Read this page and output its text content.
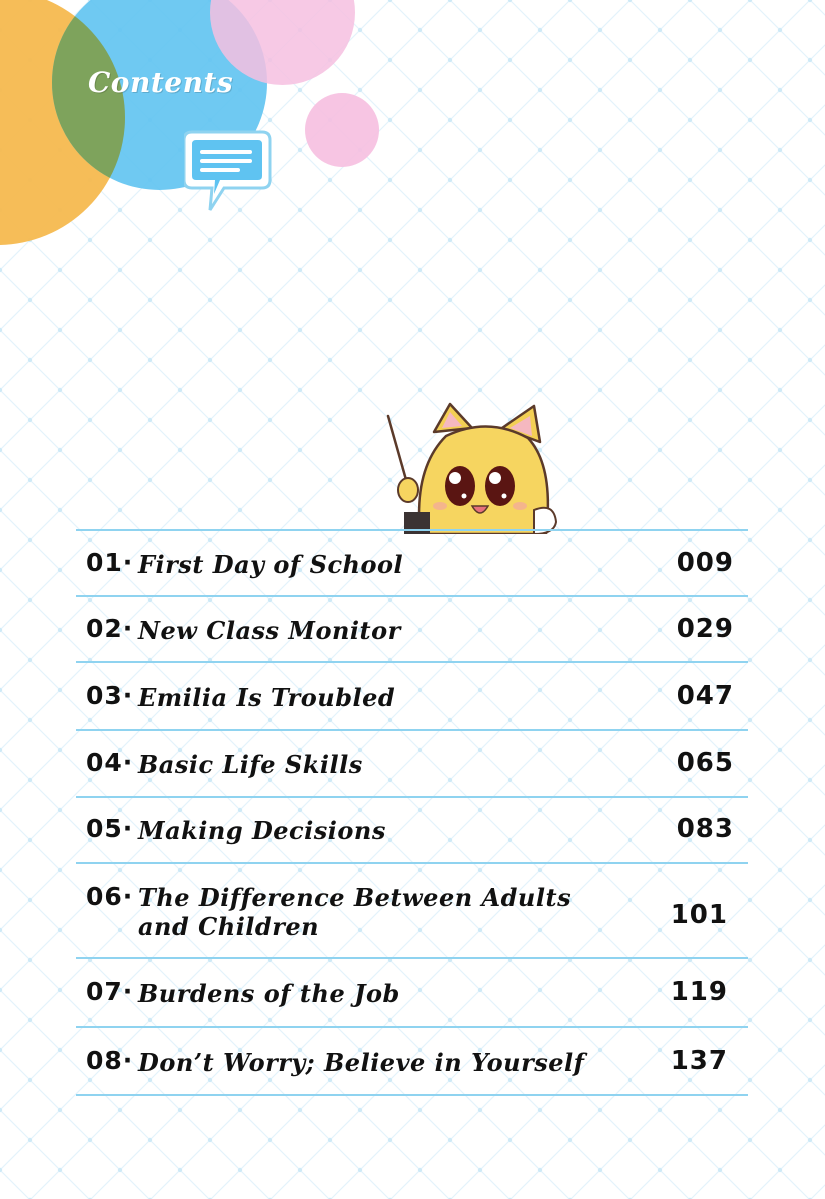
Contents
01· First Day of School	009
02· New Class Monitor	029
03· Emilia Is Troubled	047
04· Basic Life Skills	065
05· Making Decisions	083
06· The Difference Between Adults and Children	101
07· Burdens of the Job	119
08· Don’t Worry; Believe in Yourself	137
